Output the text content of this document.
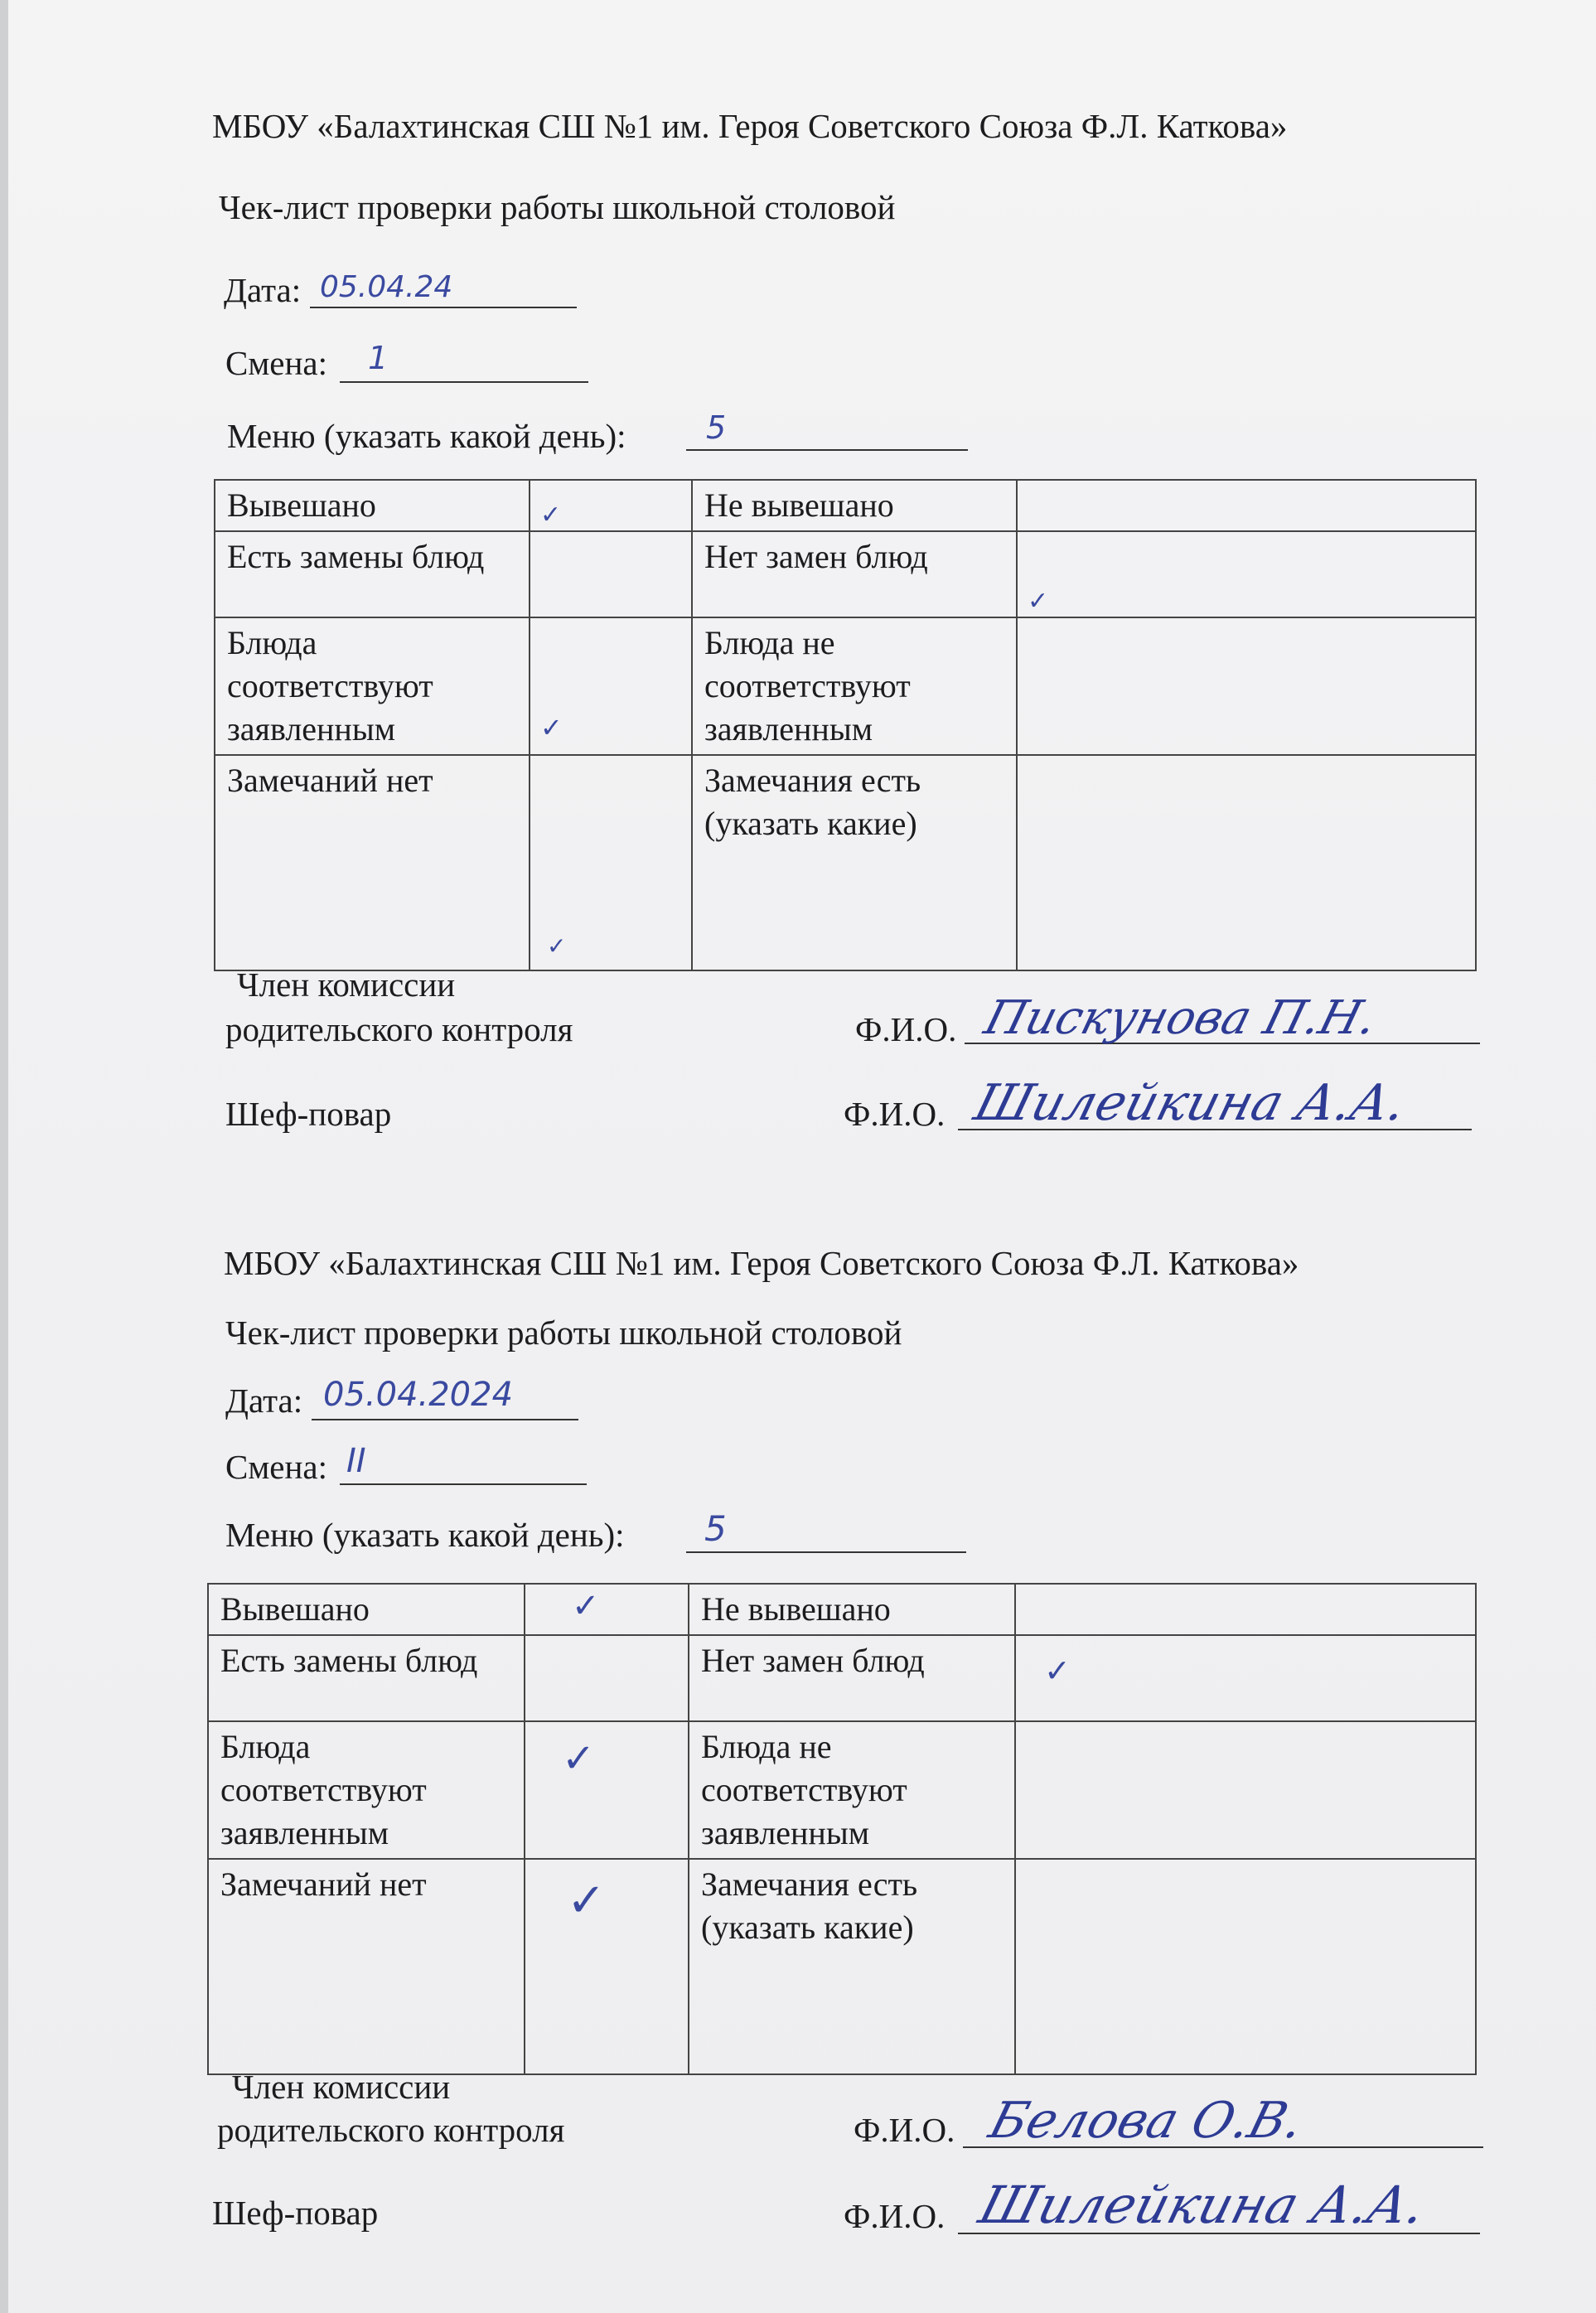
МБОУ «Балахтинская СШ №1 им. Героя Советского Союза Ф.Л. Каткова»
Чек-лист проверки работы школьной столовой
Дата: 05.04.24
Смена: 1
Меню (указать какой день):	5
Вывешано	✓	Не вывешано	

Есть замены блюд		Нет замен блюд	✓

Блюда соответствуют заявленным	✓	Блюда не соответствуют заявленным	

Замечаний нет	✓	Замечания есть (указать какие)	
Член комиссии
родительского контроля	Ф.И.О. Пискунова П.Н.
Шеф-повар	Ф.И.О. Шилейкина А.А.
МБОУ «Балахтинская СШ №1 им. Героя Советского Союза Ф.Л. Каткова»
Чек-лист проверки работы школьной столовой
Дата: 05.04.2024
Смена: II
Меню (указать какой день): 5
Вывешано	✓	Не вывешано	

Есть замены блюд		Нет замен блюд	✓

Блюда соответствуют заявленным	✓	Блюда не соответствуют заявленным	

Замечаний нет	✓	Замечания есть (указать какие)	
Член комиссии
родительского контроля	Ф.И.О. Белова О.В.
Шеф-повар	Ф.И.О. Шилейкина А.А.
